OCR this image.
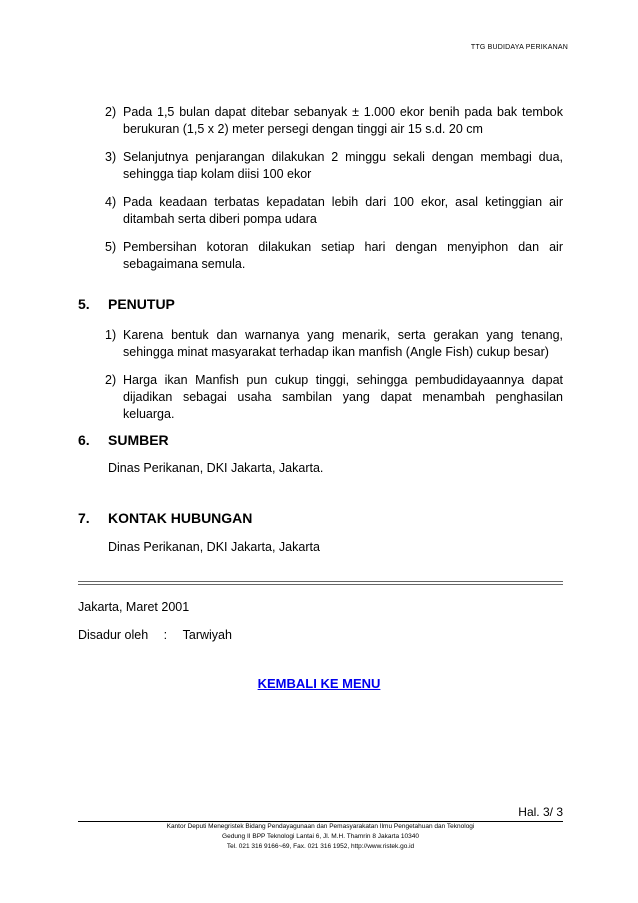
TTG BUDIDAYA PERIKANAN
2) Pada 1,5 bulan dapat ditebar sebanyak ± 1.000 ekor benih pada bak tembok berukuran (1,5 x 2) meter persegi dengan tinggi air 15 s.d. 20 cm
3) Selanjutnya penjarangan dilakukan 2 minggu sekali dengan membagi dua, sehingga tiap kolam diisi 100 ekor
4) Pada keadaan terbatas kepadatan lebih dari 100 ekor, asal ketinggian air ditambah serta diberi pompa udara
5) Pembersihan kotoran dilakukan setiap hari dengan menyiphon dan air sebagaimana semula.
5. PENUTUP
1) Karena bentuk dan warnanya yang menarik, serta gerakan yang tenang, sehingga minat masyarakat terhadap ikan manfish (Angle Fish) cukup besar)
2) Harga ikan Manfish pun cukup tinggi, sehingga pembudidayaannya dapat dijadikan sebagai usaha sambilan yang dapat menambah penghasilan keluarga.
6. SUMBER
Dinas Perikanan, DKI Jakarta, Jakarta.
7. KONTAK HUBUNGAN
Dinas Perikanan, DKI Jakarta, Jakarta
Jakarta, Maret 2001
Disadur oleh : Tarwiyah
KEMBALI KE MENU
Hal. 3/ 3
Kantor Deputi Menegristek Bidang Pendayagunaan dan Pemasyarakatan Ilmu Pengetahuan dan Teknologi
Gedung II BPP Teknologi Lantai 6, Jl. M.H. Thamrin 8 Jakarta 10340
Tel. 021 316 9166~69, Fax. 021 316 1952, http://www.ristek.go.id
